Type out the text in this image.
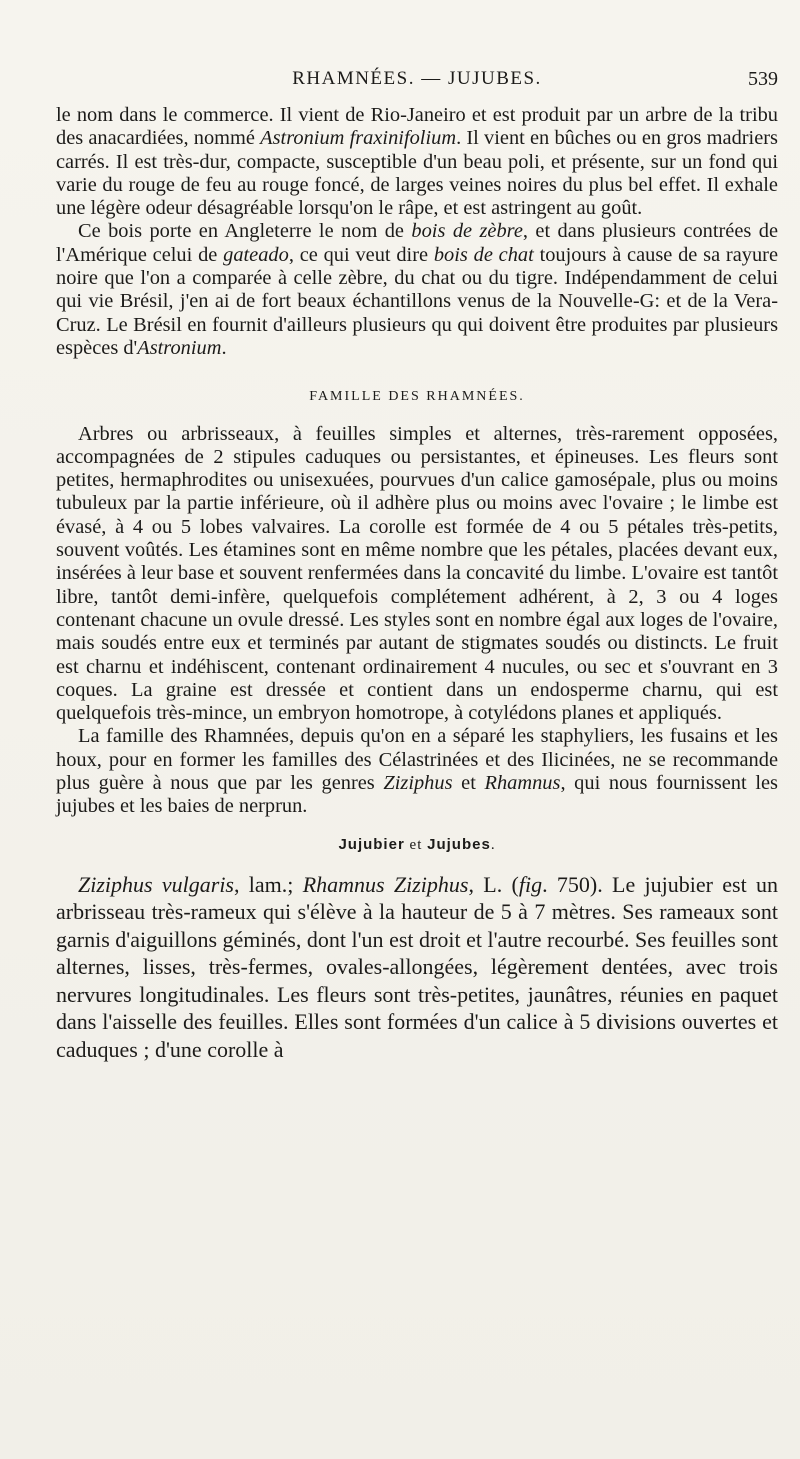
RHAMNÉES. — JUJUBES.	539

le nom dans le commerce. Il vient de Rio-Janeiro et est produit par un arbre de la tribu des anacardiées, nommé Astronium fraxinifolium. Il vient en bûches ou en gros madriers carrés. Il est très-dur, compacte, susceptible d'un beau poli, et présente, sur un fond qui varie du rouge de feu au rouge foncé, de larges veines noires du plus bel effet. Il exhale une légère odeur désagréable lorsqu'on le râpe, et est astringent au goût.

Ce bois porte en Angleterre le nom de bois de zèbre, et dans plusieurs contrées de l'Amérique celui de gateado, ce qui veut dire bois de chat toujours à cause de sa rayure noire que l'on a comparée à celle zèbre, du chat ou du tigre. Indépendamment de celui qui vie Brésil, j'en ai de fort beaux échantillons venus de la Nouvelle-G: et de la Vera-Cruz. Le Brésil en fournit d'ailleurs plusieurs qu qui doivent être produites par plusieurs espèces d'Astronium.

FAMILLE DES RHAMNÉES.

Arbres ou arbrisseaux, à feuilles simples et alternes, très-rarement opposées, accompagnées de 2 stipules caduques ou persistantes, et épineuses. Les fleurs sont petites, hermaphrodites ou unisexuées, pourvues d'un calice gamosépale, plus ou moins tubuleux par la partie inférieure, où il adhère plus ou moins avec l'ovaire ; le limbe est évasé, à 4 ou 5 lobes valvaires. La corolle est formée de 4 ou 5 pétales très-petits, souvent voûtés. Les étamines sont en même nombre que les pétales, placées devant eux, insérées à leur base et souvent renfermées dans la concavité du limbe. L'ovaire est tantôt libre, tantôt demi-infère, quelquefois complétement adhérent, à 2, 3 ou 4 loges contenant chacune un ovule dressé. Les styles sont en nombre égal aux loges de l'ovaire, mais soudés entre eux et terminés par autant de stigmates soudés ou distincts. Le fruit est charnu et indéhiscent, contenant ordinairement 4 nucules, ou sec et s'ouvrant en 3 coques. La graine est dressée et contient dans un endosperme charnu, qui est quelquefois très-mince, un embryon homotrope, à cotylédons planes et appliqués.

La famille des Rhamnées, depuis qu'on en a séparé les staphyliers, les fusains et les houx, pour en former les familles des Célastrinées et des Ilicinées, ne se recommande plus guère à nous que par les genres Ziziphus et Rhamnus, qui nous fournissent les jujubes et les baies de nerprun.

Jujubier et Jujubes.

Ziziphus vulgaris, lam.; Rhamnus Ziziphus, L. (fig. 750). Le jujubier est un arbrisseau très-rameux qui s'élève à la hauteur de 5 à 7 mètres. Ses rameaux sont garnis d'aiguillons géminés, dont l'un est droit et l'autre recourbé. Ses feuilles sont alternes, lisses, très-fermes, ovales-allongées, légèrement dentées, avec trois nervures longitudinales. Les fleurs sont très-petites, jaunâtres, réunies en paquet dans l'aisselle des feuilles. Elles sont formées d'un calice à 5 divisions ouvertes et caduques ; d'une corolle à
